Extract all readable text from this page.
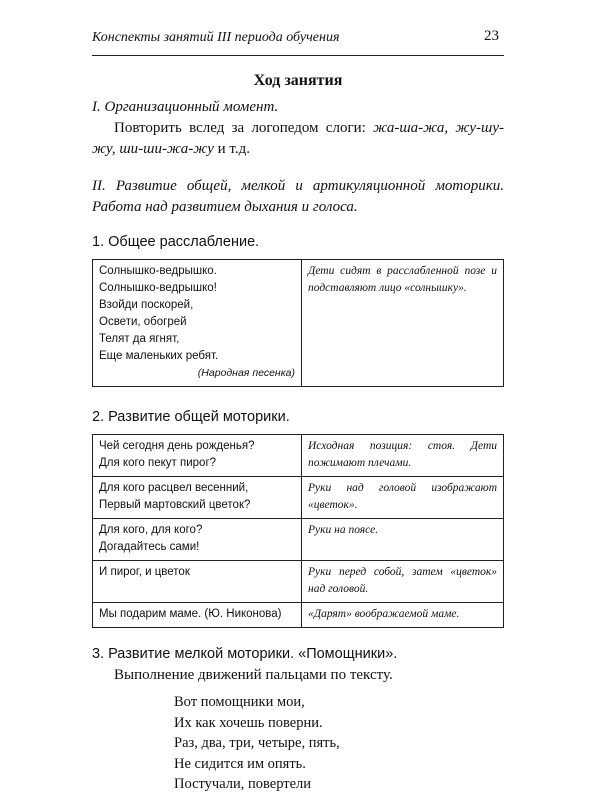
Конспекты занятий III периода обучения	23
Ход занятия

I. Организационный момент.

Повторить вслед за логопедом слоги: жа-ша-жа, жу-шу-жу, ши-ши-жа-жу и т.д.

II. Развитие общей, мелкой и артикуляционной моторики. Работа над развитием дыхания и голоса.

1. Общее расслабление.
Солнышко-ведрышко.
Солнышко-ведрышко!
Взойди поскорей,
Освети, обогрей
Телят да ягнят,
Еще маленьких ребят.
(Народная песенка)
	Дети сидят в расслабленной позе и подставляют лицо «солнышку».
2. Развитие общей моторики.
Чей сегодня день рожденья?
Для кого пекут пирог?	Исходная позиция: стоя. Дети пожимают плечами.
Для кого расцвел весенний,
Первый мартовский цветок?	Руки над головой изображают «цветок».
Для кого, для кого?
Догадайтесь сами!	Руки на поясе.
И пирог, и цветок	Руки перед собой, затем «цветок» над головой.
Мы подарим маме. (Ю. Никонова)	«Дарят» воображаемой маме.
3. Развитие мелкой моторики. «Помощники».

Выполнение движений пальцами по тексту.

Вот помощники мои,
Их как хочешь поверни.
Раз, два, три, четыре, пять,
Не сидится им опять.
Постучали, повертели
